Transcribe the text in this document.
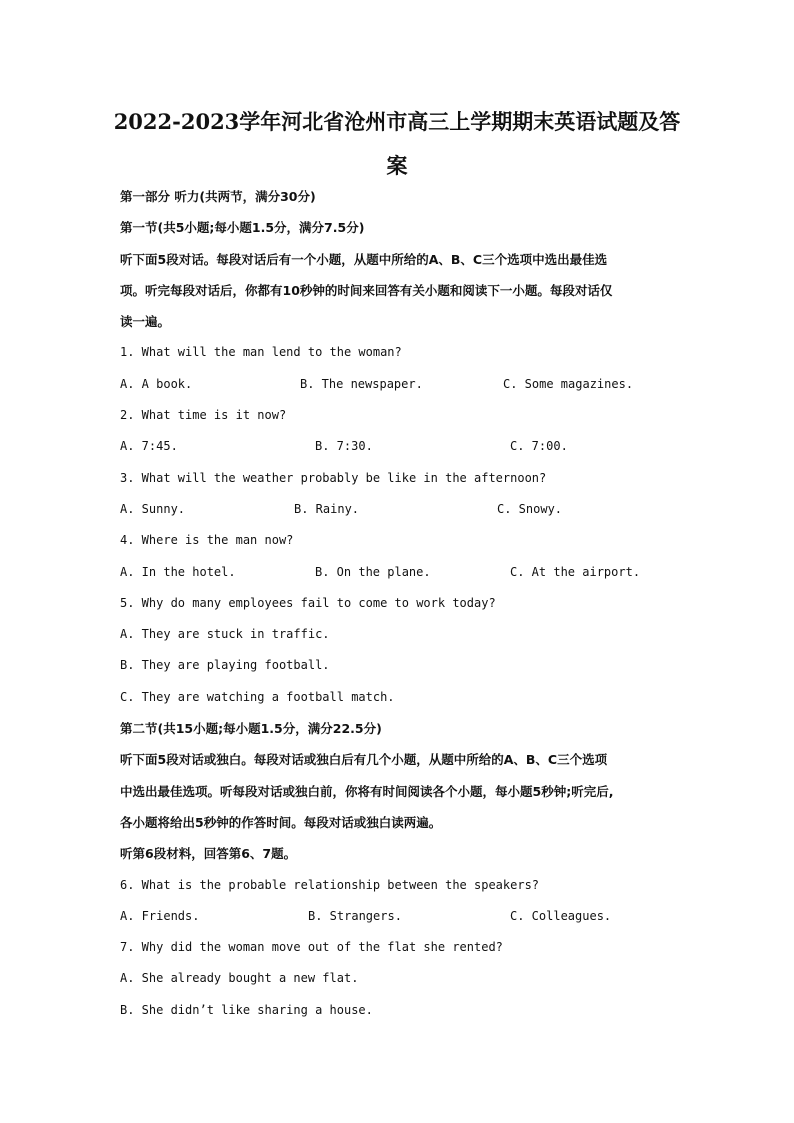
2022-2023学年河北省沧州市高三上学期期末英语试题及答
案
第一部分 听力(共两节，满分30分)
第一节(共5小题;每小题1.5分，满分7.5分)
听下面5段对话。每段对话后有一个小题，从题中所给的A、B、C三个选项中选出最佳选
项。听完每段对话后，你都有10秒钟的时间来回答有关小题和阅读下一小题。每段对话仅
读一遍。
1. What will the man lend to the woman?
A. A book.	B. The newspaper.	C. Some magazines.
2. What time is it now?
A. 7:45.	B. 7:30.	C. 7:00.
3. What will the weather probably be like in the afternoon?
A. Sunny.	B. Rainy.	C. Snowy.
4. Where is the man now?
A. In the hotel.	B. On the plane.	C. At the airport.
5. Why do many employees fail to come to work today?
A. They are stuck in traffic.
B. They are playing football.
C. They are watching a football match.
第二节(共15小题;每小题1.5分，满分22.5分)
听下面5段对话或独白。每段对话或独白后有几个小题，从题中所给的A、B、C三个选项
中选出最佳选项。听每段对话或独白前，你将有时间阅读各个小题，每小题5秒钟;听完后,
各小题将给出5秒钟的作答时间。每段对话或独白读两遍。
听第6段材料，回答第6、7题。
6. What is the probable relationship between the speakers?
A. Friends.	B. Strangers.	C. Colleagues.
7. Why did the woman move out of the flat she rented?
A. She already bought a new flat.
B. She didn’t like sharing a house.
